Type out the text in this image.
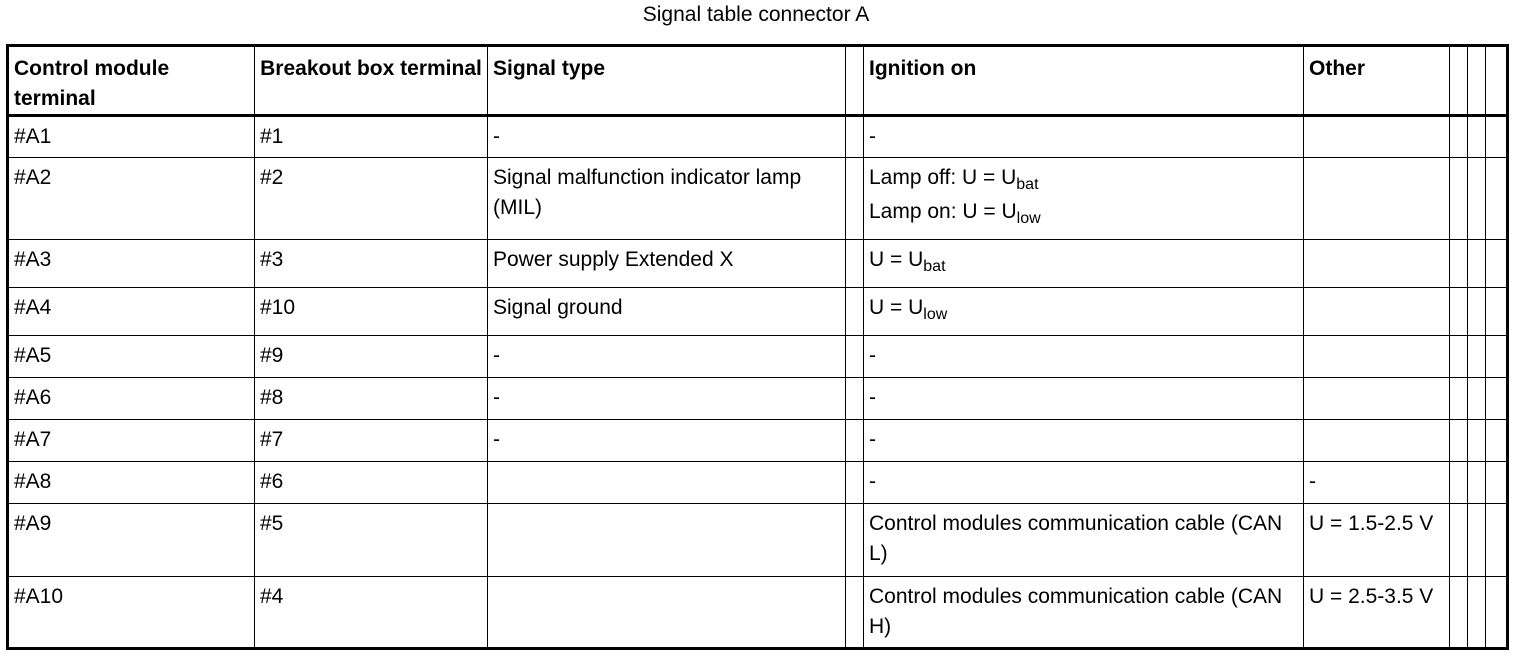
Signal table connector A
Control module terminal	Breakout box terminal	Signal type		Ignition on	Other			
#A1	#1	-		-				
#A2	#2	Signal malfunction indicator lamp (MIL)		Lamp off: $U = U_{bat}$
Lamp on: $U = U_{low}$

#A3	#3	Power supply Extended X		$U = U_{bat}$				
#A4	#10	Signal ground		$U = U_{low}$				
#A5	#9	-		-				
#A6	#8	-		-				
#A7	#7	-		-				
#A8	#6			-	-			
#A9	#5			Control modules communication cable (CAN L)	U = 1.5-2.5 V			
#A10	#4			Control modules communication cable (CAN H)	U = 2.5-3.5 V			
